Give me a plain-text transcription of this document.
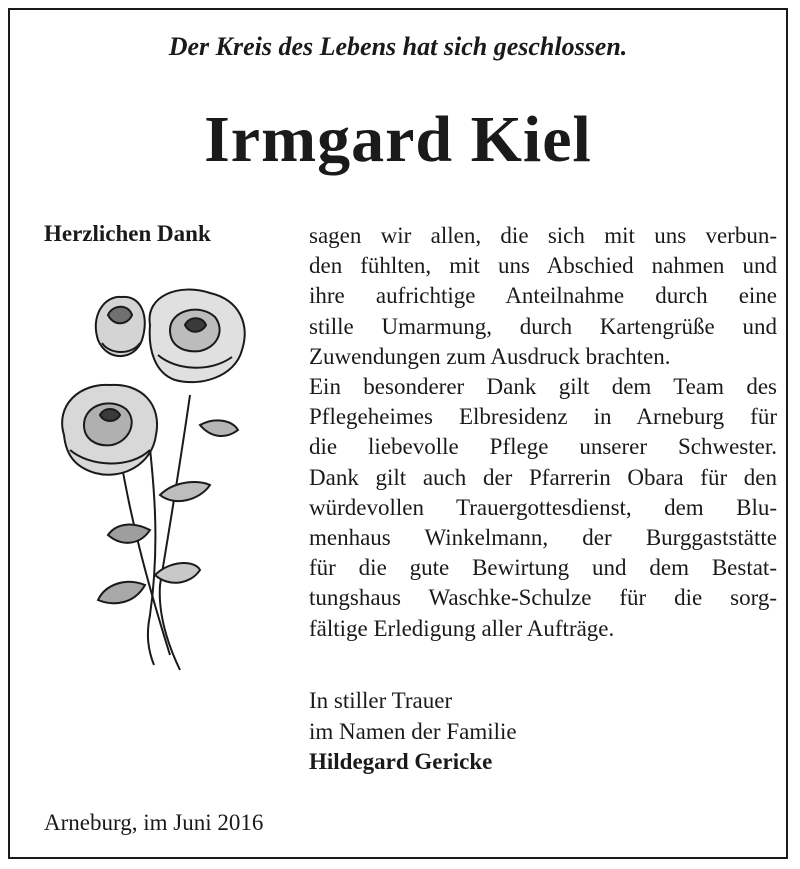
Der Kreis des Lebens hat sich geschlossen.
Irmgard Kiel
Herzlichen Dank	sagen wir allen, die sich mit uns verbun-
den fühlten, mit uns Abschied nahmen und
ihre aufrichtige Anteilnahme durch eine
stille Umarmung, durch Kartengrüße und
Zuwendungen zum Ausdruck brachten.
Ein besonderer Dank gilt dem Team des
Pflegeheimes Elbresidenz in Arneburg für
die liebevolle Pflege unserer Schwester.
Dank gilt auch der Pfarrerin Obara für den
würdevollen Trauergottesdienst, dem Blu-
menhaus Winkelmann, der Burggaststätte
für die gute Bewirtung und dem Bestat-
tungshaus Waschke-Schulze für die sorg-
fältige Erledigung aller Aufträge.
In stiller Trauer
im Namen der Familie
Hildegard Gericke
Arneburg, im Juni 2016
